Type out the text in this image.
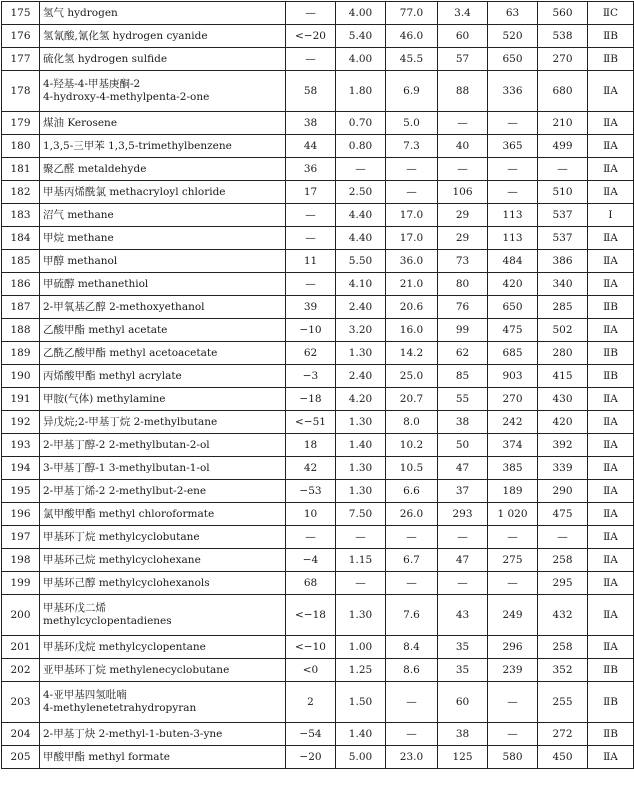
175	氢气 hydrogen	—	4.00	77.0	3.4	63	560	ⅡC
176	氢氰酸,氰化氢 hydrogen cyanide	<−20	5.40	46.0	60	520	538	ⅡB
177	硫化氢 hydrogen sulfide	—	4.00	45.5	57	650	270	ⅡB
178	4-羟基-4-甲基庚酮-2
4-hydroxy-4-methylpenta-2-one	58	1.80	6.9	88	336	680	ⅡA
179	煤油 Kerosene	38	0.70	5.0	—	—	210	ⅡA
180	1,3,5-三甲苯 1,3,5-trimethylbenzene	44	0.80	7.3	40	365	499	ⅡA
181	聚乙醛 metaldehyde	36	—	—	—	—	—	ⅡA
182	甲基丙烯酰氯 methacryloyl chloride	17	2.50	—	106	—	510	ⅡA
183	沼气 methane	—	4.40	17.0	29	113	537	Ⅰ
184	甲烷 methane	—	4.40	17.0	29	113	537	ⅡA
185	甲醇 methanol	11	5.50	36.0	73	484	386	ⅡA
186	甲硫醇 methanethiol	—	4.10	21.0	80	420	340	ⅡA
187	2-甲氧基乙醇 2-methoxyethanol	39	2.40	20.6	76	650	285	ⅡB
188	乙酸甲酯 methyl acetate	−10	3.20	16.0	99	475	502	ⅡA
189	乙酰乙酸甲酯 methyl acetoacetate	62	1.30	14.2	62	685	280	ⅡB
190	丙烯酸甲酯 methyl acrylate	−3	2.40	25.0	85	903	415	ⅡB
191	甲胺(气体) methylamine	−18	4.20	20.7	55	270	430	ⅡA
192	异戊烷;2-甲基丁烷 2-methylbutane	<−51	1.30	8.0	38	242	420	ⅡA
193	2-甲基丁醇-2 2-methylbutan-2-ol	18	1.40	10.2	50	374	392	ⅡA
194	3-甲基丁醇-1 3-methylbutan-1-ol	42	1.30	10.5	47	385	339	ⅡA
195	2-甲基丁烯-2 2-methylbut-2-ene	−53	1.30	6.6	37	189	290	ⅡA
196	氯甲酸甲酯 methyl chloroformate	10	7.50	26.0	293	1 020	475	ⅡA
197	甲基环丁烷 methylcyclobutane	—	—	—	—	—	—	ⅡA
198	甲基环己烷 methylcyclohexane	−4	1.15	6.7	47	275	258	ⅡA
199	甲基环己醇 methylcyclohexanols	68	—	—	—	—	295	ⅡA
200	甲基环戊二烯
methylcyclopentadienes	<−18	1.30	7.6	43	249	432	ⅡA
201	甲基环戊烷 methylcyclopentane	<−10	1.00	8.4	35	296	258	ⅡA
202	亚甲基环丁烷 methylenecyclobutane	<0	1.25	8.6	35	239	352	ⅡB
203	4-亚甲基四氢吡喃
4-methylenetetrahydropyran	2	1.50	—	60	—	255	ⅡB
204	2-甲基丁炔 2-methyl-1-buten-3-yne	−54	1.40	—	38	—	272	ⅡB
205	甲酸甲酯 methyl formate	−20	5.00	23.0	125	580	450	ⅡA
